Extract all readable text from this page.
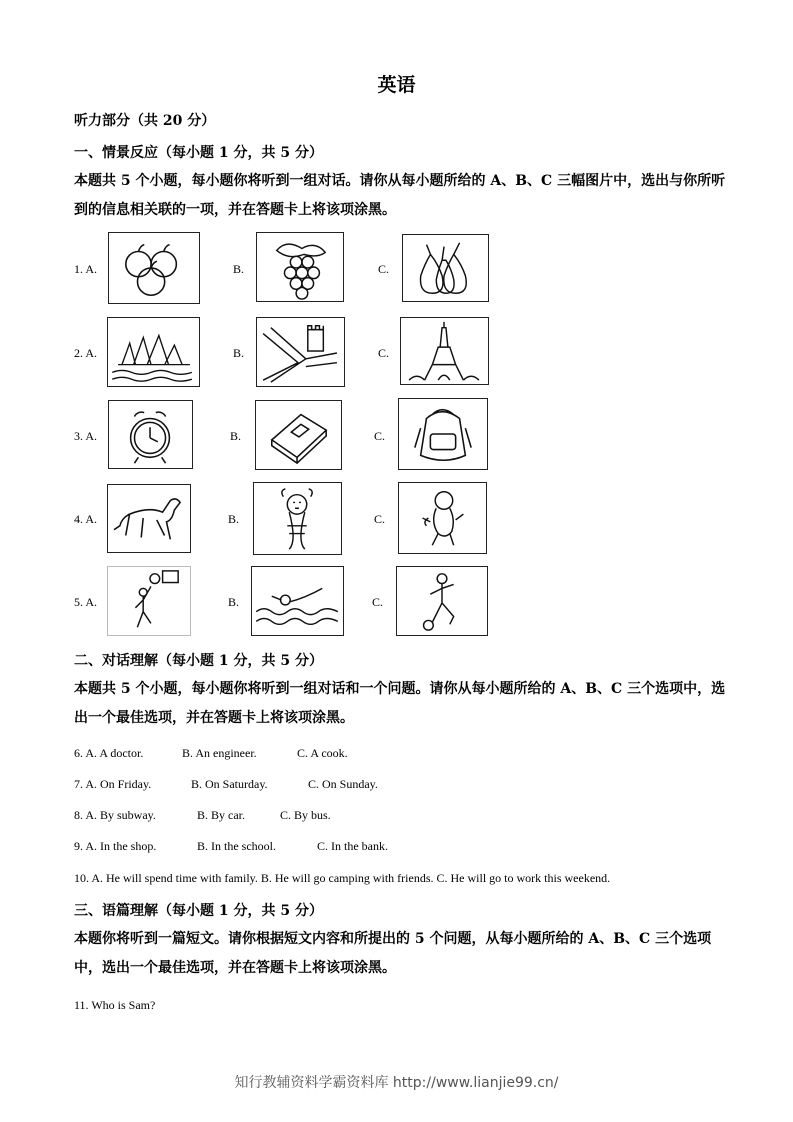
英语
听力部分（共 20 分）
一、情景反应（每小题 1 分，共 5 分）
本题共 5 个小题，每小题你将听到一组对话。请你从每小题所给的 A、B、C 三幅图片中，选出与你所听到的信息相关联的一项，并在答题卡上将该项涂黑。
1. A.	B.	C.
2. A.	B.	C.
3. A.	B.	C.
4. A.	B.	C.
5. A.	B.	C.
二、对话理解（每小题 1 分，共 5 分）
本题共 5 个小题，每小题你将听到一组对话和一个问题。请你从每小题所给的 A、B、C 三个选项中，选出一个最佳选项，并在答题卡上将该项涂黑。
6. A. A doctor.	B. An engineer.	C. A cook.
7. A. On Friday.	B. On Saturday.	C. On Sunday.
8. A. By subway.	B. By car.	C. By bus.
9. A. In the shop.	B. In the school.	C. In the bank.
10. A. He will spend time with family. B. He will go camping with friends. C. He will go to work this weekend.
三、语篇理解（每小题 1 分，共 5 分）
本题你将听到一篇短文。请你根据短文内容和所提出的 5 个问题，从每小题所给的 A、B、C 三个选项中，选出一个最佳选项，并在答题卡上将该项涂黑。
11. Who is Sam?
知行教辅资料学霸资料库 http://www.lianjie99.cn/
